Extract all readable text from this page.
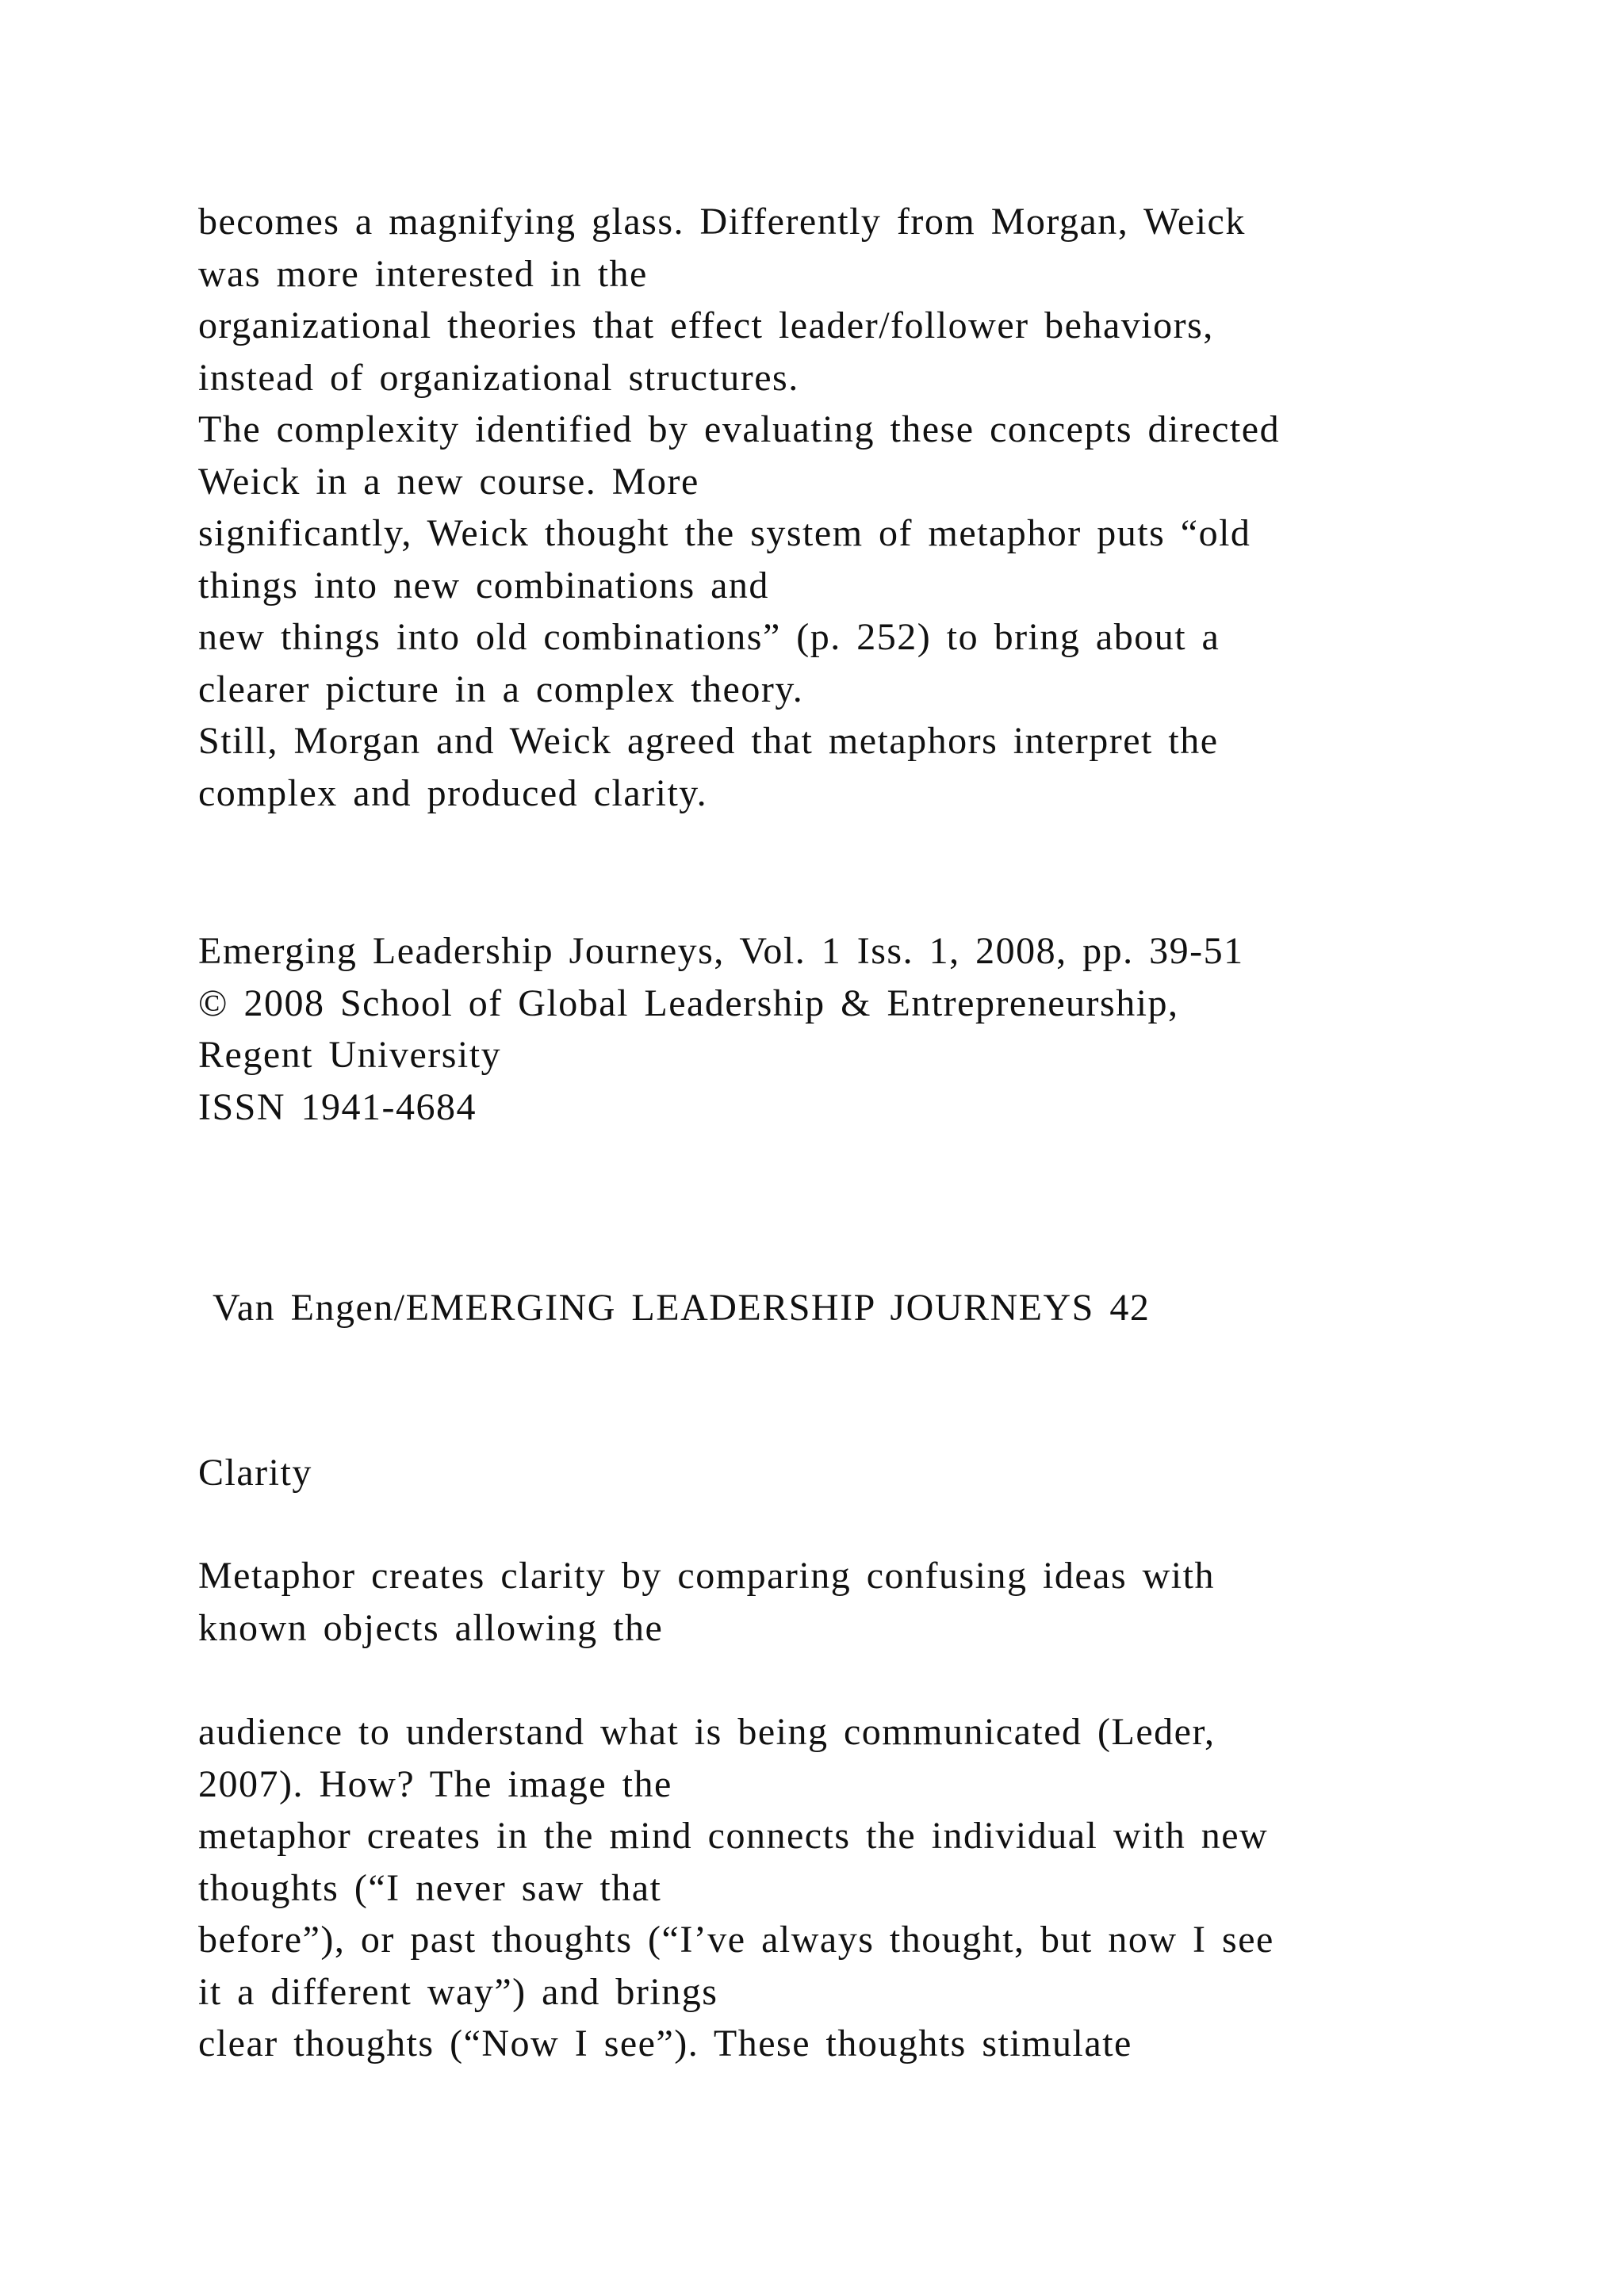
becomes a magnifying glass. Differently from Morgan, Weick
was more interested in the
organizational theories that effect leader/follower behaviors,
instead of organizational structures.
The complexity identified by evaluating these concepts directed
Weick in a new course. More
significantly, Weick thought the system of metaphor puts “old
things into new combinations and
new things into old combinations” (p. 252) to bring about a
clearer picture in a complex theory.
Still, Morgan and Weick agreed that metaphors interpret the
complex and produced clarity.
Emerging Leadership Journeys, Vol. 1 Iss. 1, 2008, pp. 39-51
© 2008 School of Global Leadership & Entrepreneurship,
Regent University
ISSN 1941-4684
Van Engen/EMERGING LEADERSHIP JOURNEYS 42
Clarity
Metaphor creates clarity by comparing confusing ideas with
known objects allowing the
audience to understand what is being communicated (Leder,
2007). How? The image the
metaphor creates in the mind connects the individual with new
thoughts (“I never saw that
before”), or past thoughts (“I’ve always thought, but now I see
it a different way”) and brings
clear thoughts (“Now I see”). These thoughts stimulate
